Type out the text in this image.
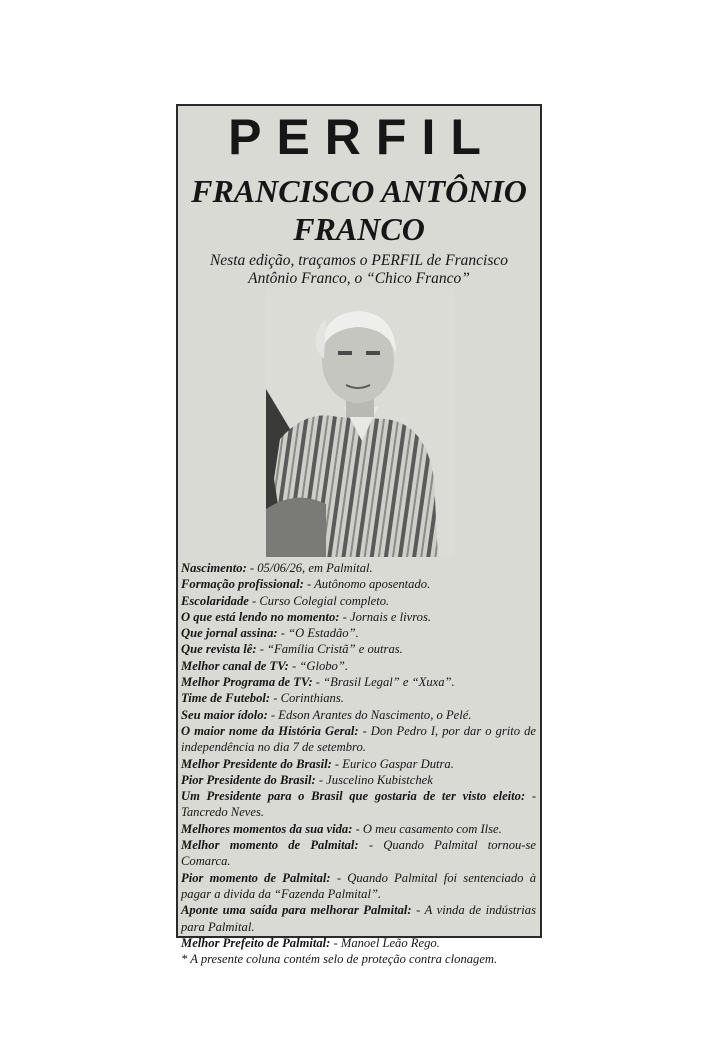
PERFIL
FRANCISCO ANTÔNIO
FRANCO
Nesta edição, traçamos o PERFIL de Francisco
Antônio Franco, o “Chico Franco”

Nascimento: - 05/06/26, em Palmital.

Formação profissional: - Autônomo aposentado.

Escolaridade - Curso Colegial completo.

O que está lendo no momento: - Jornais e livros.

Que jornal assina: - “O Estadão”.

Que revista lê: - “Família Cristã” e outras.

Melhor canal de TV: - “Globo”.

Melhor Programa de TV: - “Brasil Legal” e “Xuxa”.

Time de Futebol: - Corinthians.

Seu maior ídolo: - Edson Arantes do Nascimento, o Pelé.

O maior nome da História Geral: - Don Pedro I, por dar o grito de independência no dia 7 de setembro.

Melhor Presidente do Brasil: - Eurico Gaspar Dutra.

Pior Presidente do Brasil: - Juscelino Kubistchek

Um Presidente para o Brasil que gostaria de ter visto eleito: - Tancredo Neves.

Melhores momentos da sua vida: - O meu casamento com Ilse.

Melhor momento de Palmital: - Quando Palmital tornou-se Comarca.

Pior momento de Palmital: - Quando Palmital foi sentenciado à pagar a divida da “Fazenda Palmital”.

Aponte uma saída para melhorar Palmital: - A vinda de indústrias para Palmital.

Melhor Prefeito de Palmital: - Manoel Leão Rego.

* A presente coluna contém selo de proteção contra clonagem.
